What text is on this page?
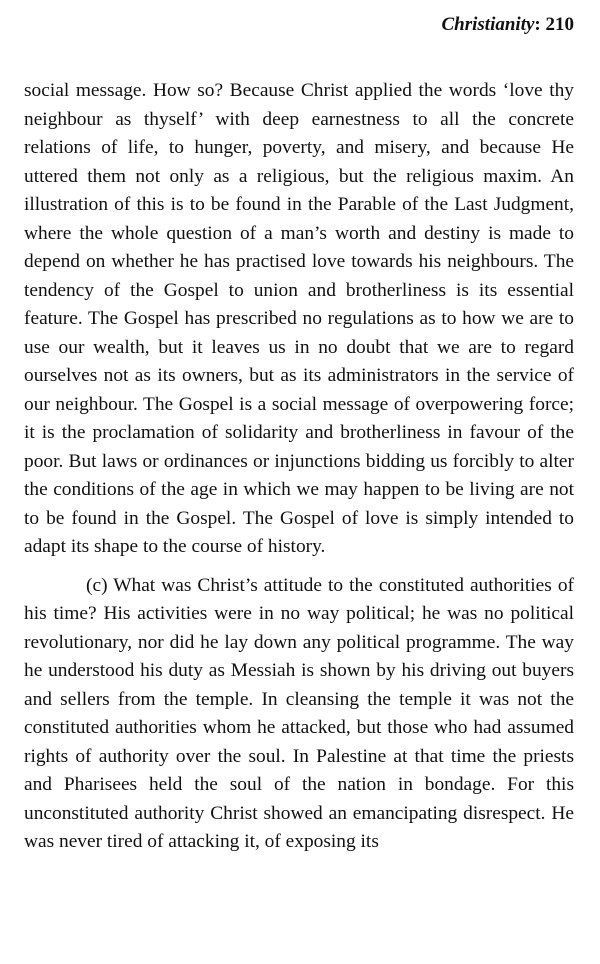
Christianity: 210

social message. How so? Because Christ applied the words ‘love thy neighbour as thyself’ with deep earnestness to all the concrete relations of life, to hunger, poverty, and misery, and because He uttered them not only as a religious, but the religious maxim. An illustration of this is to be found in the Parable of the Last Judgment, where the whole question of a man’s worth and destiny is made to depend on whether he has practised love towards his neighbours. The tendency of the Gospel to union and brotherliness is its essential feature. The Gospel has prescribed no regulations as to how we are to use our wealth, but it leaves us in no doubt that we are to regard ourselves not as its owners, but as its administrators in the service of our neighbour. The Gospel is a social message of overpowering force; it is the proclamation of solidarity and brotherliness in favour of the poor. But laws or ordinances or injunctions bidding us forcibly to alter the conditions of the age in which we may happen to be living are not to be found in the Gospel. The Gospel of love is simply intended to adapt its shape to the course of history.

(c) What was Christ’s attitude to the constituted authorities of his time? His activities were in no way political; he was no political revolutionary, nor did he lay down any political programme. The way he understood his duty as Messiah is shown by his driving out buyers and sellers from the temple. In cleansing the temple it was not the constituted authorities whom he attacked, but those who had assumed rights of authority over the soul. In Palestine at that time the priests and Pharisees held the soul of the nation in bondage. For this unconstituted authority Christ showed an emancipating disrespect. He was never tired of attacking it, of exposing its
